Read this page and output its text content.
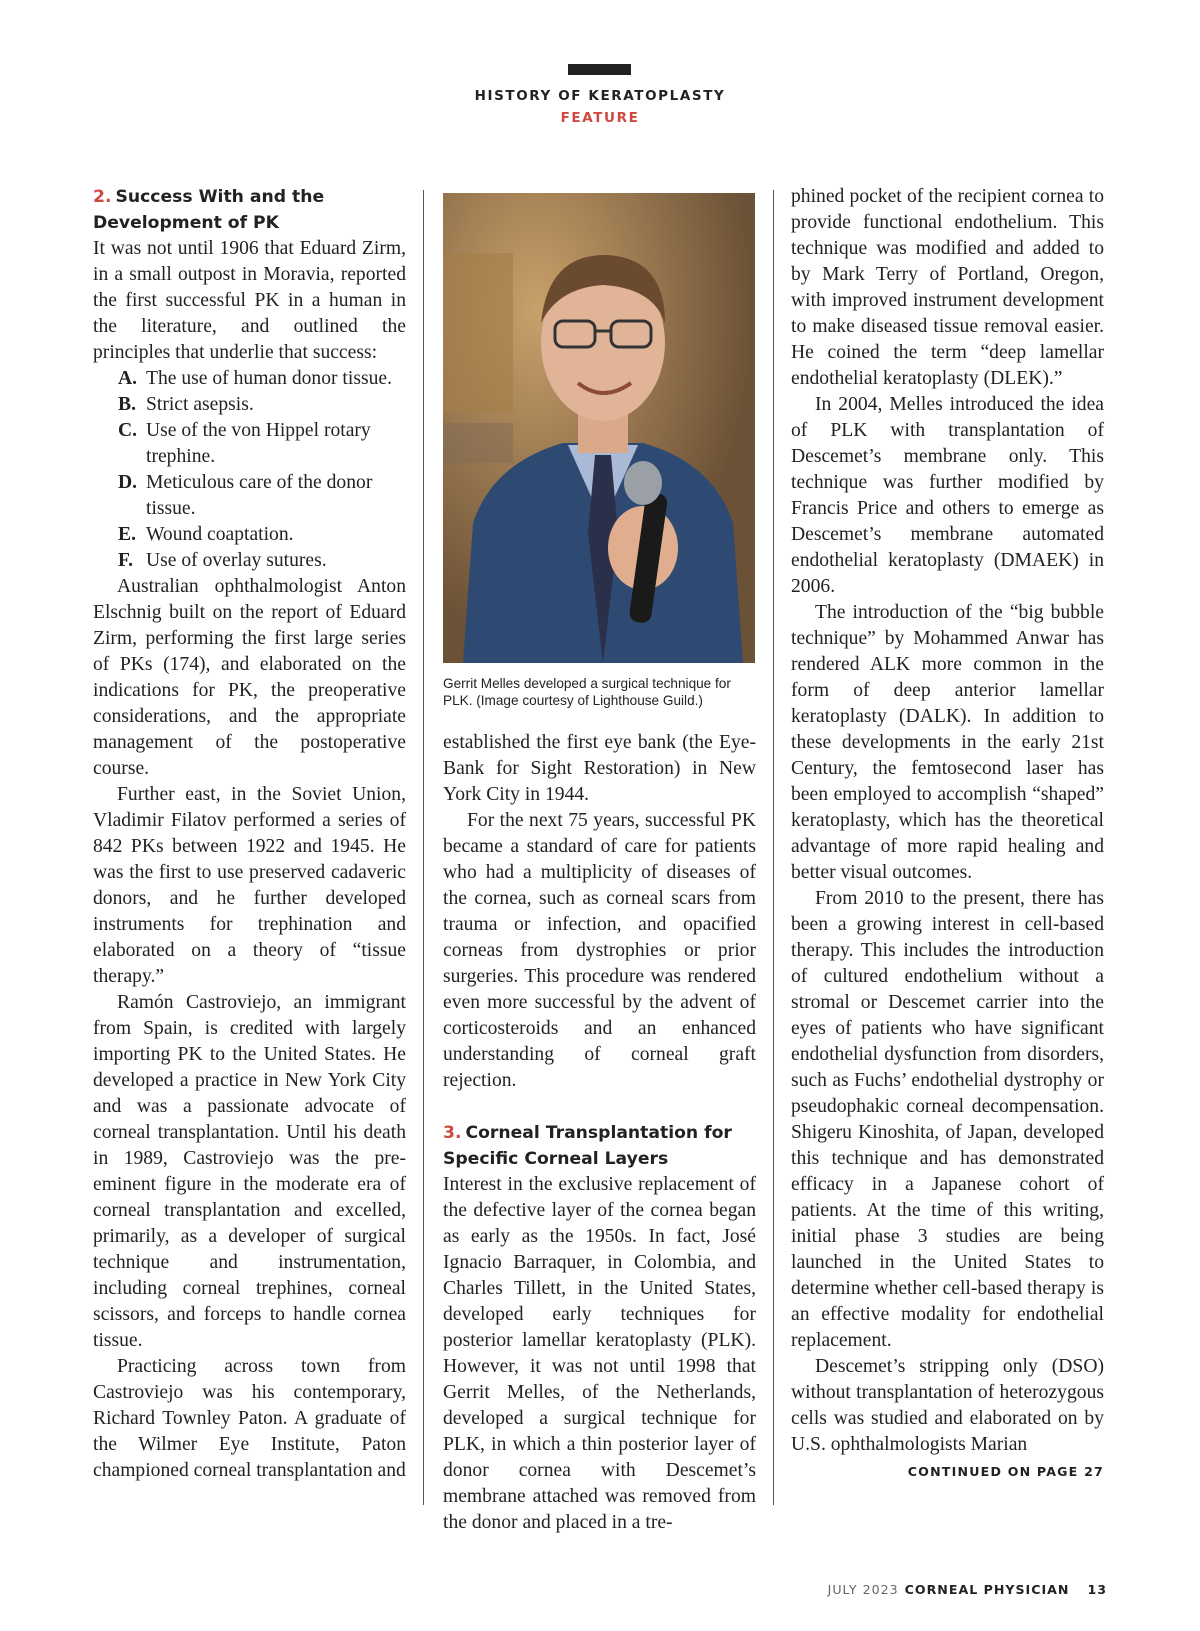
HISTORY OF KERATOPLASTY
FEATURE
2. Success With and the Development of PK

It was not until 1906 that Eduard Zirm, in a small outpost in Moravia, reported the first successful PK in a human in the literature, and outlined the principles that underlie that success:

A. The use of human donor tissue.
B. Strict asepsis.
C. Use of the von Hippel rotary trephine.
D. Meticulous care of the donor tissue.
E. Wound coaptation.
F. Use of overlay sutures.

Australian ophthalmologist Anton Elschnig built on the report of Eduard Zirm, performing the first large series of PKs (174), and elaborated on the indications for PK, the preoperative considerations, and the appropriate management of the postoperative course.

Further east, in the Soviet Union, Vladimir Filatov performed a series of 842 PKs between 1922 and 1945. He was the first to use preserved cadaveric donors, and he further developed instruments for trephination and elaborated on a theory of “tissue therapy.”

Ramón Castroviejo, an immigrant from Spain, is credited with largely importing PK to the United States. He developed a practice in New York City and was a passionate advocate of corneal transplantation. Until his death in 1989, Castroviejo was the pre-eminent figure in the moderate era of corneal transplantation and excelled, primarily, as a developer of surgical technique and instrumentation, including corneal trephines, corneal scissors, and forceps to handle cornea tissue.

Practicing across town from Castroviejo was his contemporary, Richard Townley Paton. A graduate of the Wilmer Eye Institute, Paton championed corneal transplantation and

Gerrit Melles developed a surgical technique for PLK. (Image courtesy of Lighthouse Guild.)

established the first eye bank (the Eye-Bank for Sight Restoration) in New York City in 1944.

For the next 75 years, successful PK became a standard of care for patients who had a multiplicity of diseases of the cornea, such as corneal scars from trauma or infection, and opacified corneas from dystrophies or prior surgeries. This procedure was rendered even more successful by the advent of corticosteroids and an enhanced understanding of corneal graft rejection.

3. Corneal Transplantation for Specific Corneal Layers

Interest in the exclusive replacement of the defective layer of the cornea began as early as the 1950s. In fact, José Ignacio Barraquer, in Colombia, and Charles Tillett, in the United States, developed early techniques for posterior lamellar keratoplasty (PLK). However, it was not until 1998 that Gerrit Melles, of the Netherlands, developed a surgical technique for PLK, in which a thin posterior layer of donor cornea with Descemet’s membrane attached was removed from the donor and placed in a tre-

phined pocket of the recipient cornea to provide functional endothelium. This technique was modified and added to by Mark Terry of Portland, Oregon, with improved instrument development to make diseased tissue removal easier. He coined the term “deep lamellar endothelial keratoplasty (DLEK).”

In 2004, Melles introduced the idea of PLK with transplantation of Descemet’s membrane only. This technique was further modified by Francis Price and others to emerge as Descemet’s membrane automated endothelial keratoplasty (DMAEK) in 2006.

The introduction of the “big bubble technique” by Mohammed Anwar has rendered ALK more common in the form of deep anterior lamellar keratoplasty (DALK). In addition to these developments in the early 21st Century, the femtosecond laser has been employed to accomplish “shaped” keratoplasty, which has the theoretical advantage of more rapid healing and better visual outcomes.

From 2010 to the present, there has been a growing interest in cell-based therapy. This includes the introduction of cultured endothelium without a stromal or Descemet carrier into the eyes of patients who have significant endothelial dysfunction from disorders, such as Fuchs’ endothelial dystrophy or pseudophakic corneal decompensation. Shigeru Kinoshita, of Japan, developed this technique and has demonstrated efficacy in a Japanese cohort of patients. At the time of this writing, initial phase 3 studies are being launched in the United States to determine whether cell-based therapy is an effective modality for endothelial replacement.

Descemet’s stripping only (DSO) without transplantation of heterozygous cells was studied and elaborated on by U.S. ophthalmologists Marian

CONTINUED ON PAGE 27
JULY 2023 CORNEAL PHYSICIAN 13
